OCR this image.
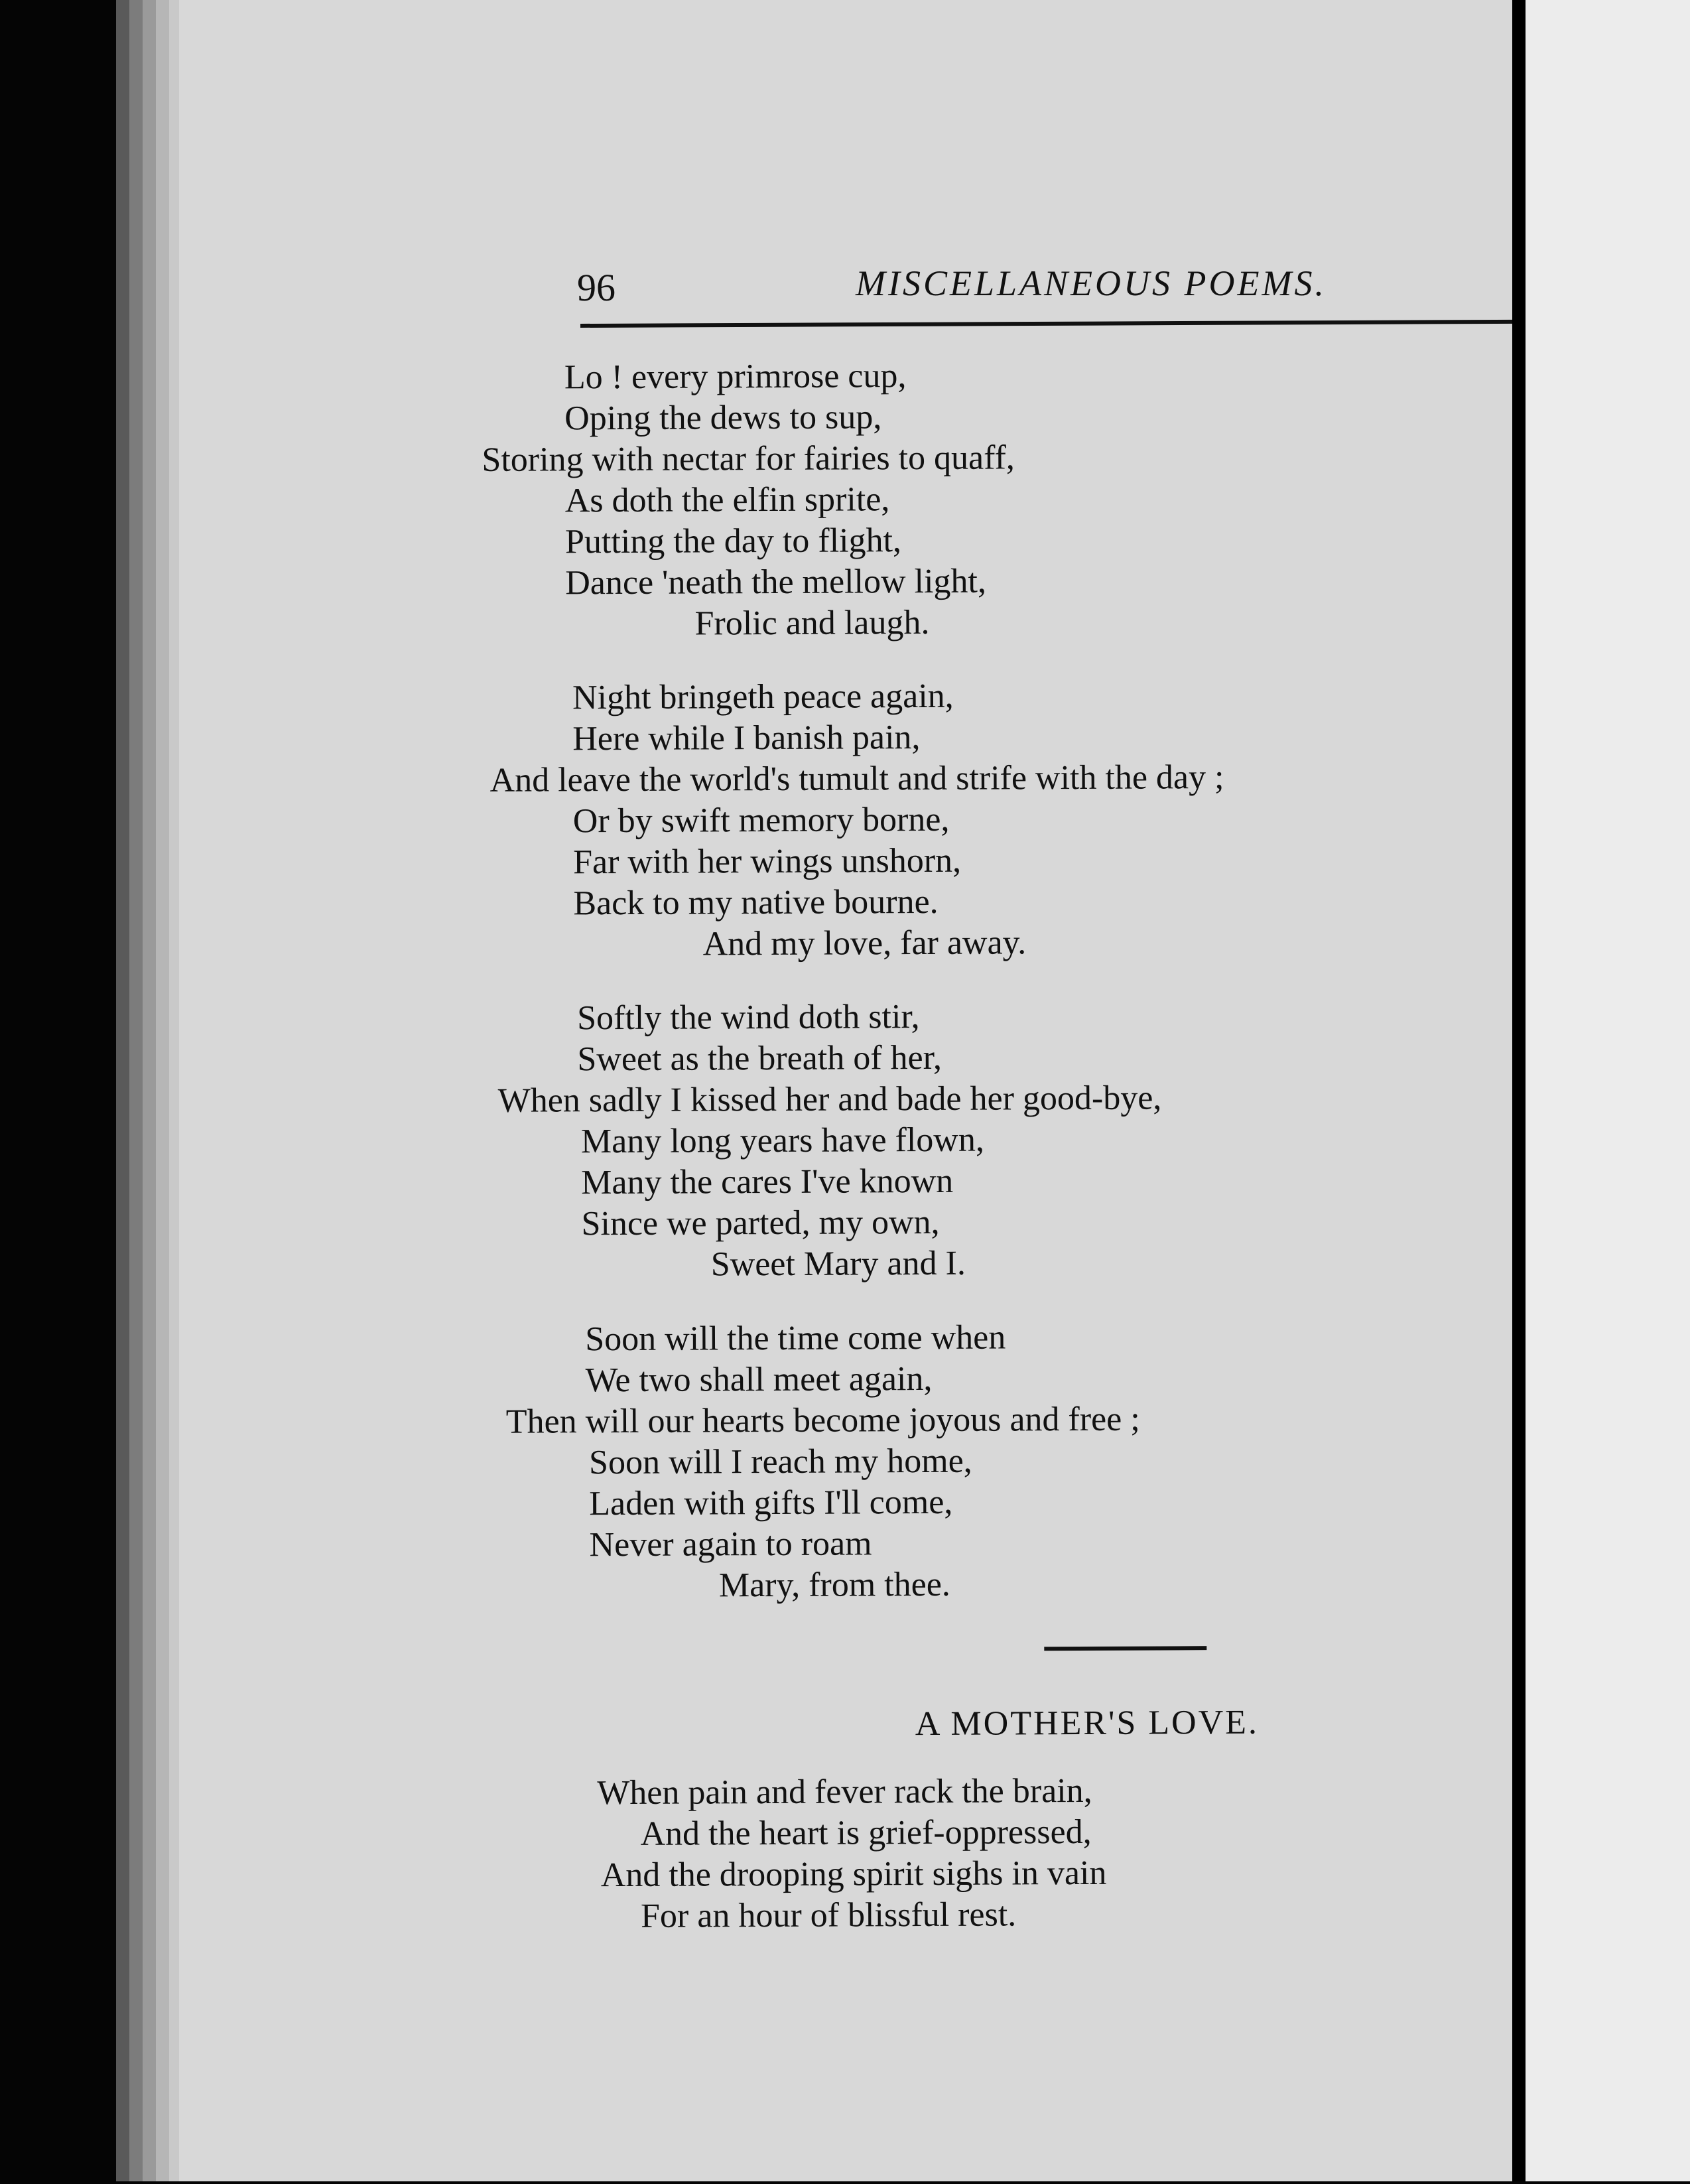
96	MISCELLANEOUS POEMS.
Lo ! every primrose cup,
Oping the dews to sup,
Storing with nectar for fairies to quaff,
As doth the elfin sprite,
Putting the day to flight,
Dance 'neath the mellow light,
Frolic and laugh.
Night bringeth peace again,
Here while I banish pain,
And leave the world's tumult and strife with the day ;
Or by swift memory borne,
Far with her wings unshorn,
Back to my native bourne.
And my love, far away.
Softly the wind doth stir,
Sweet as the breath of her,
When sadly I kissed her and bade her good-bye,
Many long years have flown,
Many the cares I've known
Since we parted, my own,
Sweet Mary and I.
Soon will the time come when
We two shall meet again,
Then will our hearts become joyous and free ;
Soon will I reach my home,
Laden with gifts I'll come,
Never again to roam
Mary, from thee.
A MOTHER'S LOVE.
When pain and fever rack the brain,
And the heart is grief-oppressed,
And the drooping spirit sighs in vain
For an hour of blissful rest.
